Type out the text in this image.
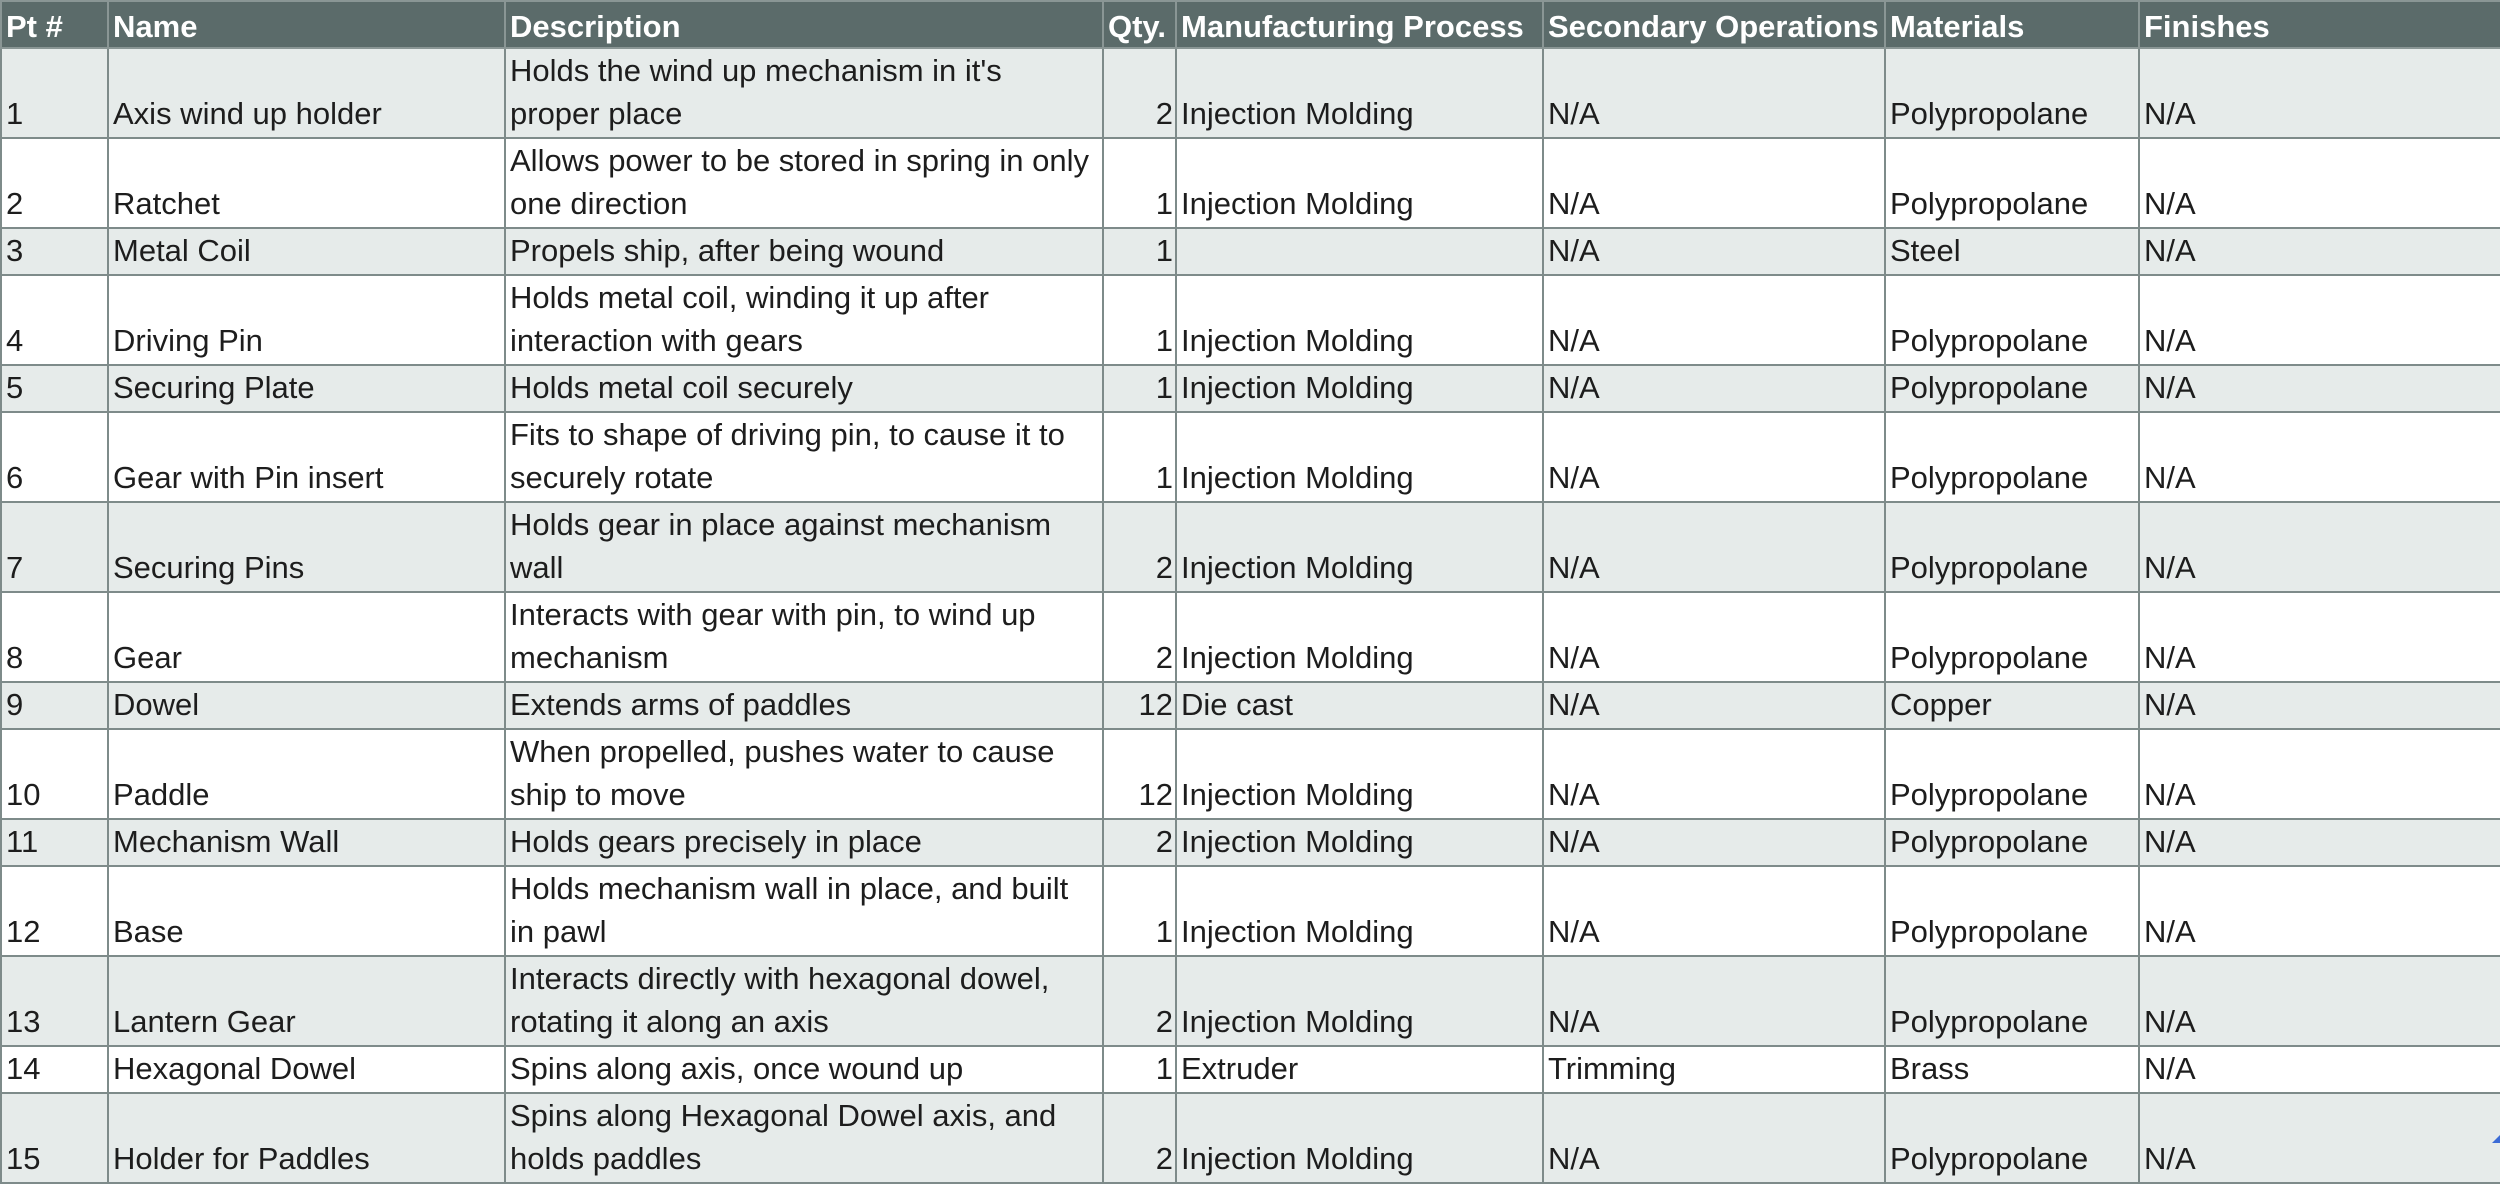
Pt #	Name	Description	Qty.	Manufacturing Process	Secondary Operations	Materials	Finishes
1	Axis wind up holder	Holds the wind up mechanism in it's proper place	2	Injection Molding	N/A	Polypropolane	N/A
2	Ratchet	Allows power to be stored in spring in only one direction	1	Injection Molding	N/A	Polypropolane	N/A
3	Metal Coil	Propels ship, after being wound	1		N/A	Steel	N/A
4	Driving Pin	Holds metal coil, winding it up after interaction with gears	1	Injection Molding	N/A	Polypropolane	N/A
5	Securing Plate	Holds metal coil securely	1	Injection Molding	N/A	Polypropolane	N/A
6	Gear with Pin insert	Fits to shape of driving pin, to cause it to securely rotate	1	Injection Molding	N/A	Polypropolane	N/A
7	Securing Pins	Holds gear in place against mechanism wall	2	Injection Molding	N/A	Polypropolane	N/A
8	Gear	Interacts with gear with pin, to wind up mechanism	2	Injection Molding	N/A	Polypropolane	N/A
9	Dowel	Extends arms of paddles	12	Die cast	N/A	Copper	N/A
10	Paddle	When propelled, pushes water to cause ship to move	12	Injection Molding	N/A	Polypropolane	N/A
11	Mechanism Wall	Holds gears precisely in place	2	Injection Molding	N/A	Polypropolane	N/A
12	Base	Holds mechanism wall in place, and built in pawl	1	Injection Molding	N/A	Polypropolane	N/A
13	Lantern Gear	Interacts directly with hexagonal dowel, rotating it along an axis	2	Injection Molding	N/A	Polypropolane	N/A
14	Hexagonal Dowel	Spins along axis, once wound up	1	Extruder	Trimming	Brass	N/A
15	Holder for Paddles	Spins along Hexagonal Dowel axis, and holds paddles	2	Injection Molding	N/A	Polypropolane	N/A
